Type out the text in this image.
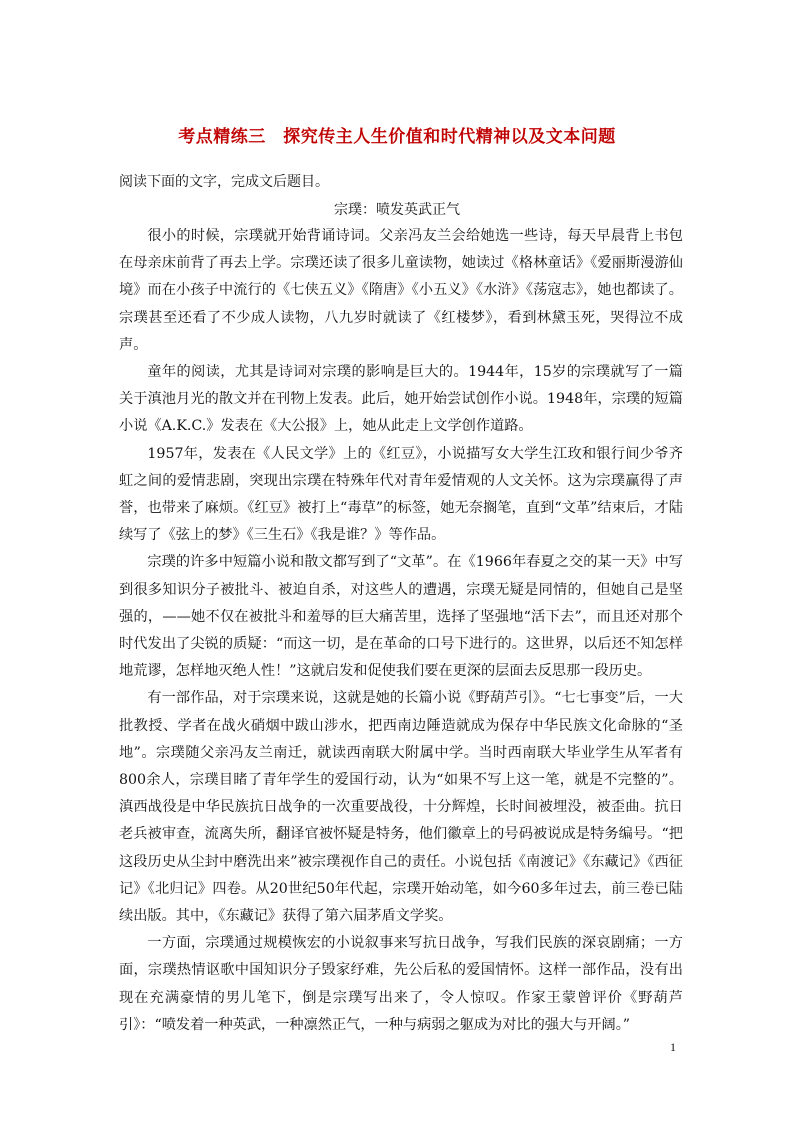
考点精练三　探究传主人生价值和时代精神以及文本问题
阅读下面的文字，完成文后题目。
宗璞：喷发英武正气

很小的时候，宗璞就开始背诵诗词。父亲冯友兰会给她选一些诗，每天早晨背上书包在母亲床前背了再去上学。宗璞还读了很多儿童读物，她读过《格林童话》《爱丽斯漫游仙境》而在小孩子中流行的《七侠五义》《隋唐》《小五义》《水浒》《荡寇志》，她也都读了。宗璞甚至还看了不少成人读物，八九岁时就读了《红楼梦》，看到林黛玉死，哭得泣不成声。

童年的阅读，尤其是诗词对宗璞的影响是巨大的。1944年，15岁的宗璞就写了一篇关于滇池月光的散文并在刊物上发表。此后，她开始尝试创作小说。1948年，宗璞的短篇小说《A.K.C.》发表在《大公报》上，她从此走上文学创作道路。

1957年，发表在《人民文学》上的《红豆》，小说描写女大学生江玫和银行间少爷齐虹之间的爱情悲剧，突现出宗璞在特殊年代对青年爱情观的人文关怀。这为宗璞赢得了声誉，也带来了麻烦。《红豆》被打上“毒草”的标签，她无奈搁笔，直到“文革”结束后，才陆续写了《弦上的梦》《三生石》《我是谁？》等作品。

宗璞的许多中短篇小说和散文都写到了“文革”。在《1966年春夏之交的某一天》中写到很多知识分子被批斗、被迫自杀，对这些人的遭遇，宗璞无疑是同情的，但她自己是坚强的，——她不仅在被批斗和羞辱的巨大痛苦里，选择了坚强地“活下去”，而且还对那个时代发出了尖锐的质疑：“而这一切，是在革命的口号下进行的。这世界，以后还不知怎样地荒谬，怎样地灭绝人性！”这就启发和促使我们要在更深的层面去反思那一段历史。

有一部作品，对于宗璞来说，这就是她的长篇小说《野葫芦引》。“七七事变”后，一大批教授、学者在战火硝烟中跋山涉水，把西南边陲造就成为保存中华民族文化命脉的“圣地”。宗璞随父亲冯友兰南迁，就读西南联大附属中学。当时西南联大毕业学生从军者有800余人，宗璞目睹了青年学生的爱国行动，认为“如果不写上这一笔，就是不完整的”。滇西战役是中华民族抗日战争的一次重要战役，十分辉煌，长时间被埋没，被歪曲。抗日老兵被审查，流离失所，翻译官被怀疑是特务，他们徽章上的号码被说成是特务编号。“把这段历史从尘封中磨洗出来”被宗璞视作自己的责任。小说包括《南渡记》《东藏记》《西征记》《北归记》四卷。从20世纪50年代起，宗璞开始动笔，如今60多年过去，前三卷已陆续出版。其中，《东藏记》获得了第六届茅盾文学奖。

一方面，宗璞通过规模恢宏的小说叙事来写抗日战争，写我们民族的深哀剧痛；一方面，宗璞热情讴歌中国知识分子毁家纾难，先公后私的爱国情怀。这样一部作品，没有出现在充满豪情的男儿笔下，倒是宗璞写出来了，令人惊叹。作家王蒙曾评价《野葫芦引》：“喷发着一种英武，一种凛然正气，一种与病弱之躯成为对比的强大与开阔。”

1
